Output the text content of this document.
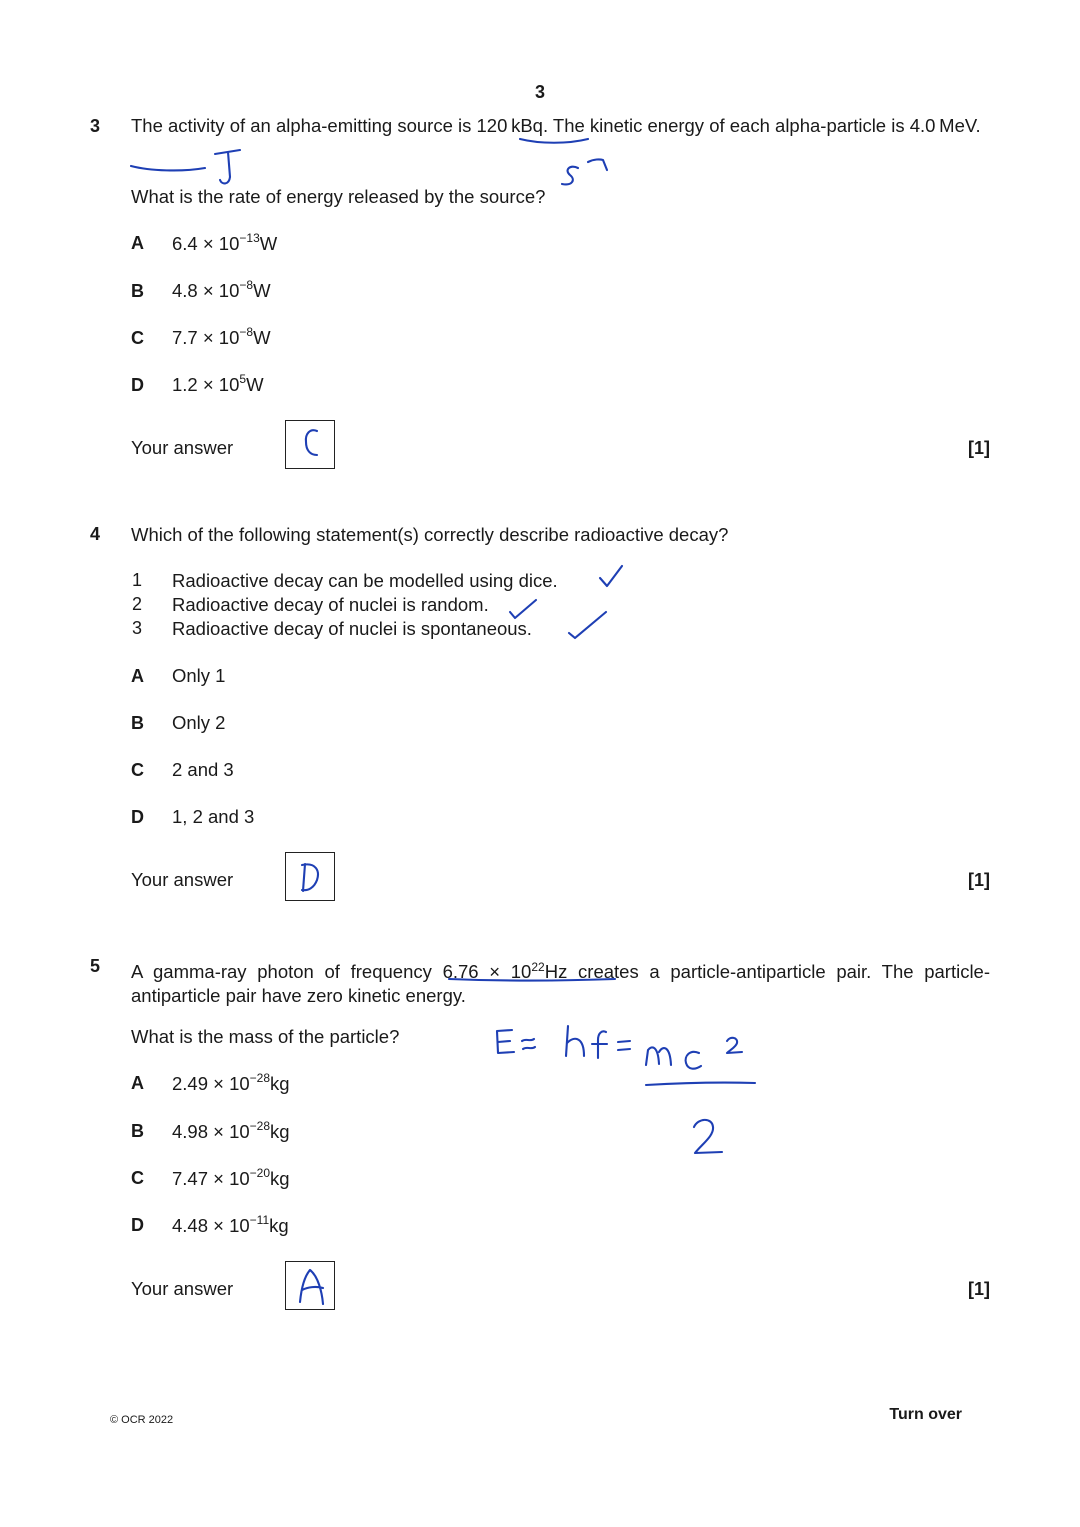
3
3 The activity of an alpha-emitting source is 120 kBq. The kinetic energy of each alpha-particle is 4.0 MeV.
What is the rate of energy released by the source?
A	$6.4 \times 10^{-13}W$
B	$4.8 \times 10^{-8}W$
C	$7.7 \times 10^{-8}W$
D	$1.2 \times 10^5W$
Your answer	[1]
4 Which of the following statement(s) correctly describe radioactive decay?
1 Radioactive decay can be modelled using dice.
2 Radioactive decay of nuclei is random.
3 Radioactive decay of nuclei is spontaneous.
A	Only 1
B	Only 2
C	2 and 3
D	1, 2 and 3
Your answer	[1]
5 A gamma-ray photon of frequency $6.76 \times 10^{22}Hz$ creates a particle-antiparticle pair. The particle-antiparticle pair have zero kinetic energy.
What is the mass of the particle?
A	$2.49 \times 10^{-28}kg$
B	$4.98 \times 10^{-28}kg$
C	$7.47 \times 10^{-20}kg$
D	$4.48 \times 10^{-11}kg$
Your answer	[1]
© OCR 2022	Turn over
